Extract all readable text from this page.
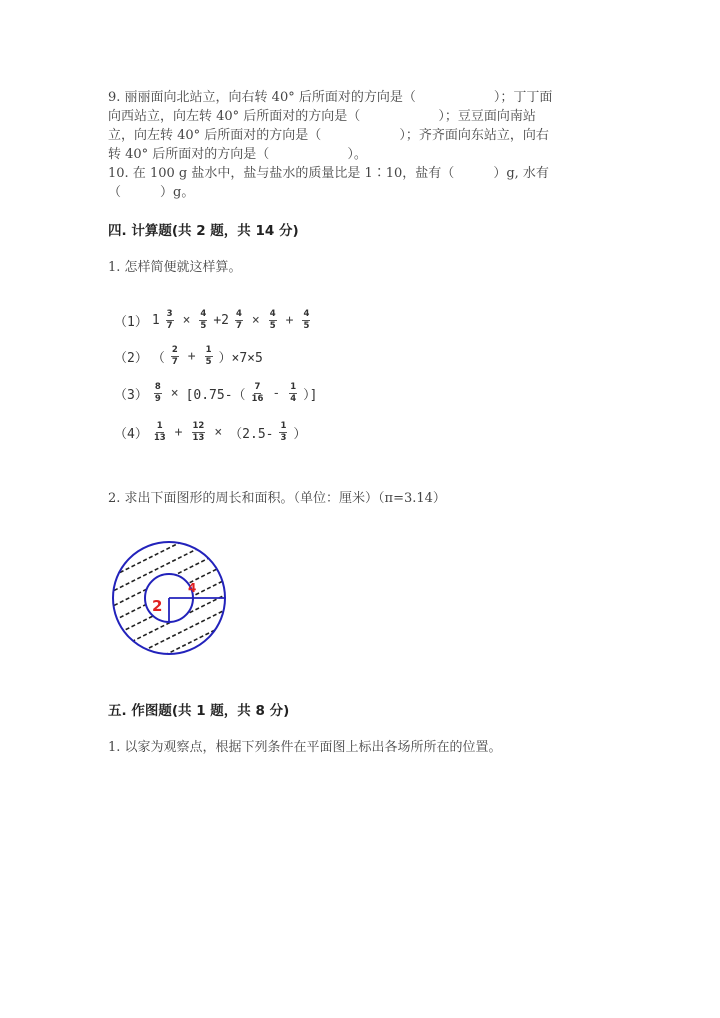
9. 丽丽面向北站立，向右转 40° 后所面对的方向是（　　　　　　	）；丁丁面
向西站立，向左转 40° 后所面对的方向是（　　　　　　	）；豆豆面向南站
立，向左转 40° 后所面对的方向是（　　　　　　	）；齐齐面向东站立，向右
转 40° 后所面对的方向是（　　　　　　	）。
10. 在 100 g 盐水中，盐与盐水的质量比是 1∶10，盐有（　　　	）g, 水有
（　　　	）g。
四. 计算题(共 2 题，共 14 分)
1. 怎样简便就这样算。
（1） $1 \frac{3}{7} \times \frac{4}{5} +2 \frac{4}{7} \times \frac{4}{5} + \frac{4}{5}$
（2） （ $\frac{2}{7} + \frac{1}{5} )\times 7\times 5$
$(3) \frac{8}{9} \times [0.75-( \frac{7}{16} - \frac{1}{4}$ ）]
$(4) \frac{1}{13} + \frac{12}{13} \times (2.5- \frac{1}{3}$ ）
2. 求出下面图形的周长和面积。（单位：厘米）（π=3.14）
2
4
五. 作图题(共 1 题，共 8 分)
1. 以家为观察点，根据下列条件在平面图上标出各场所所在的位置。
